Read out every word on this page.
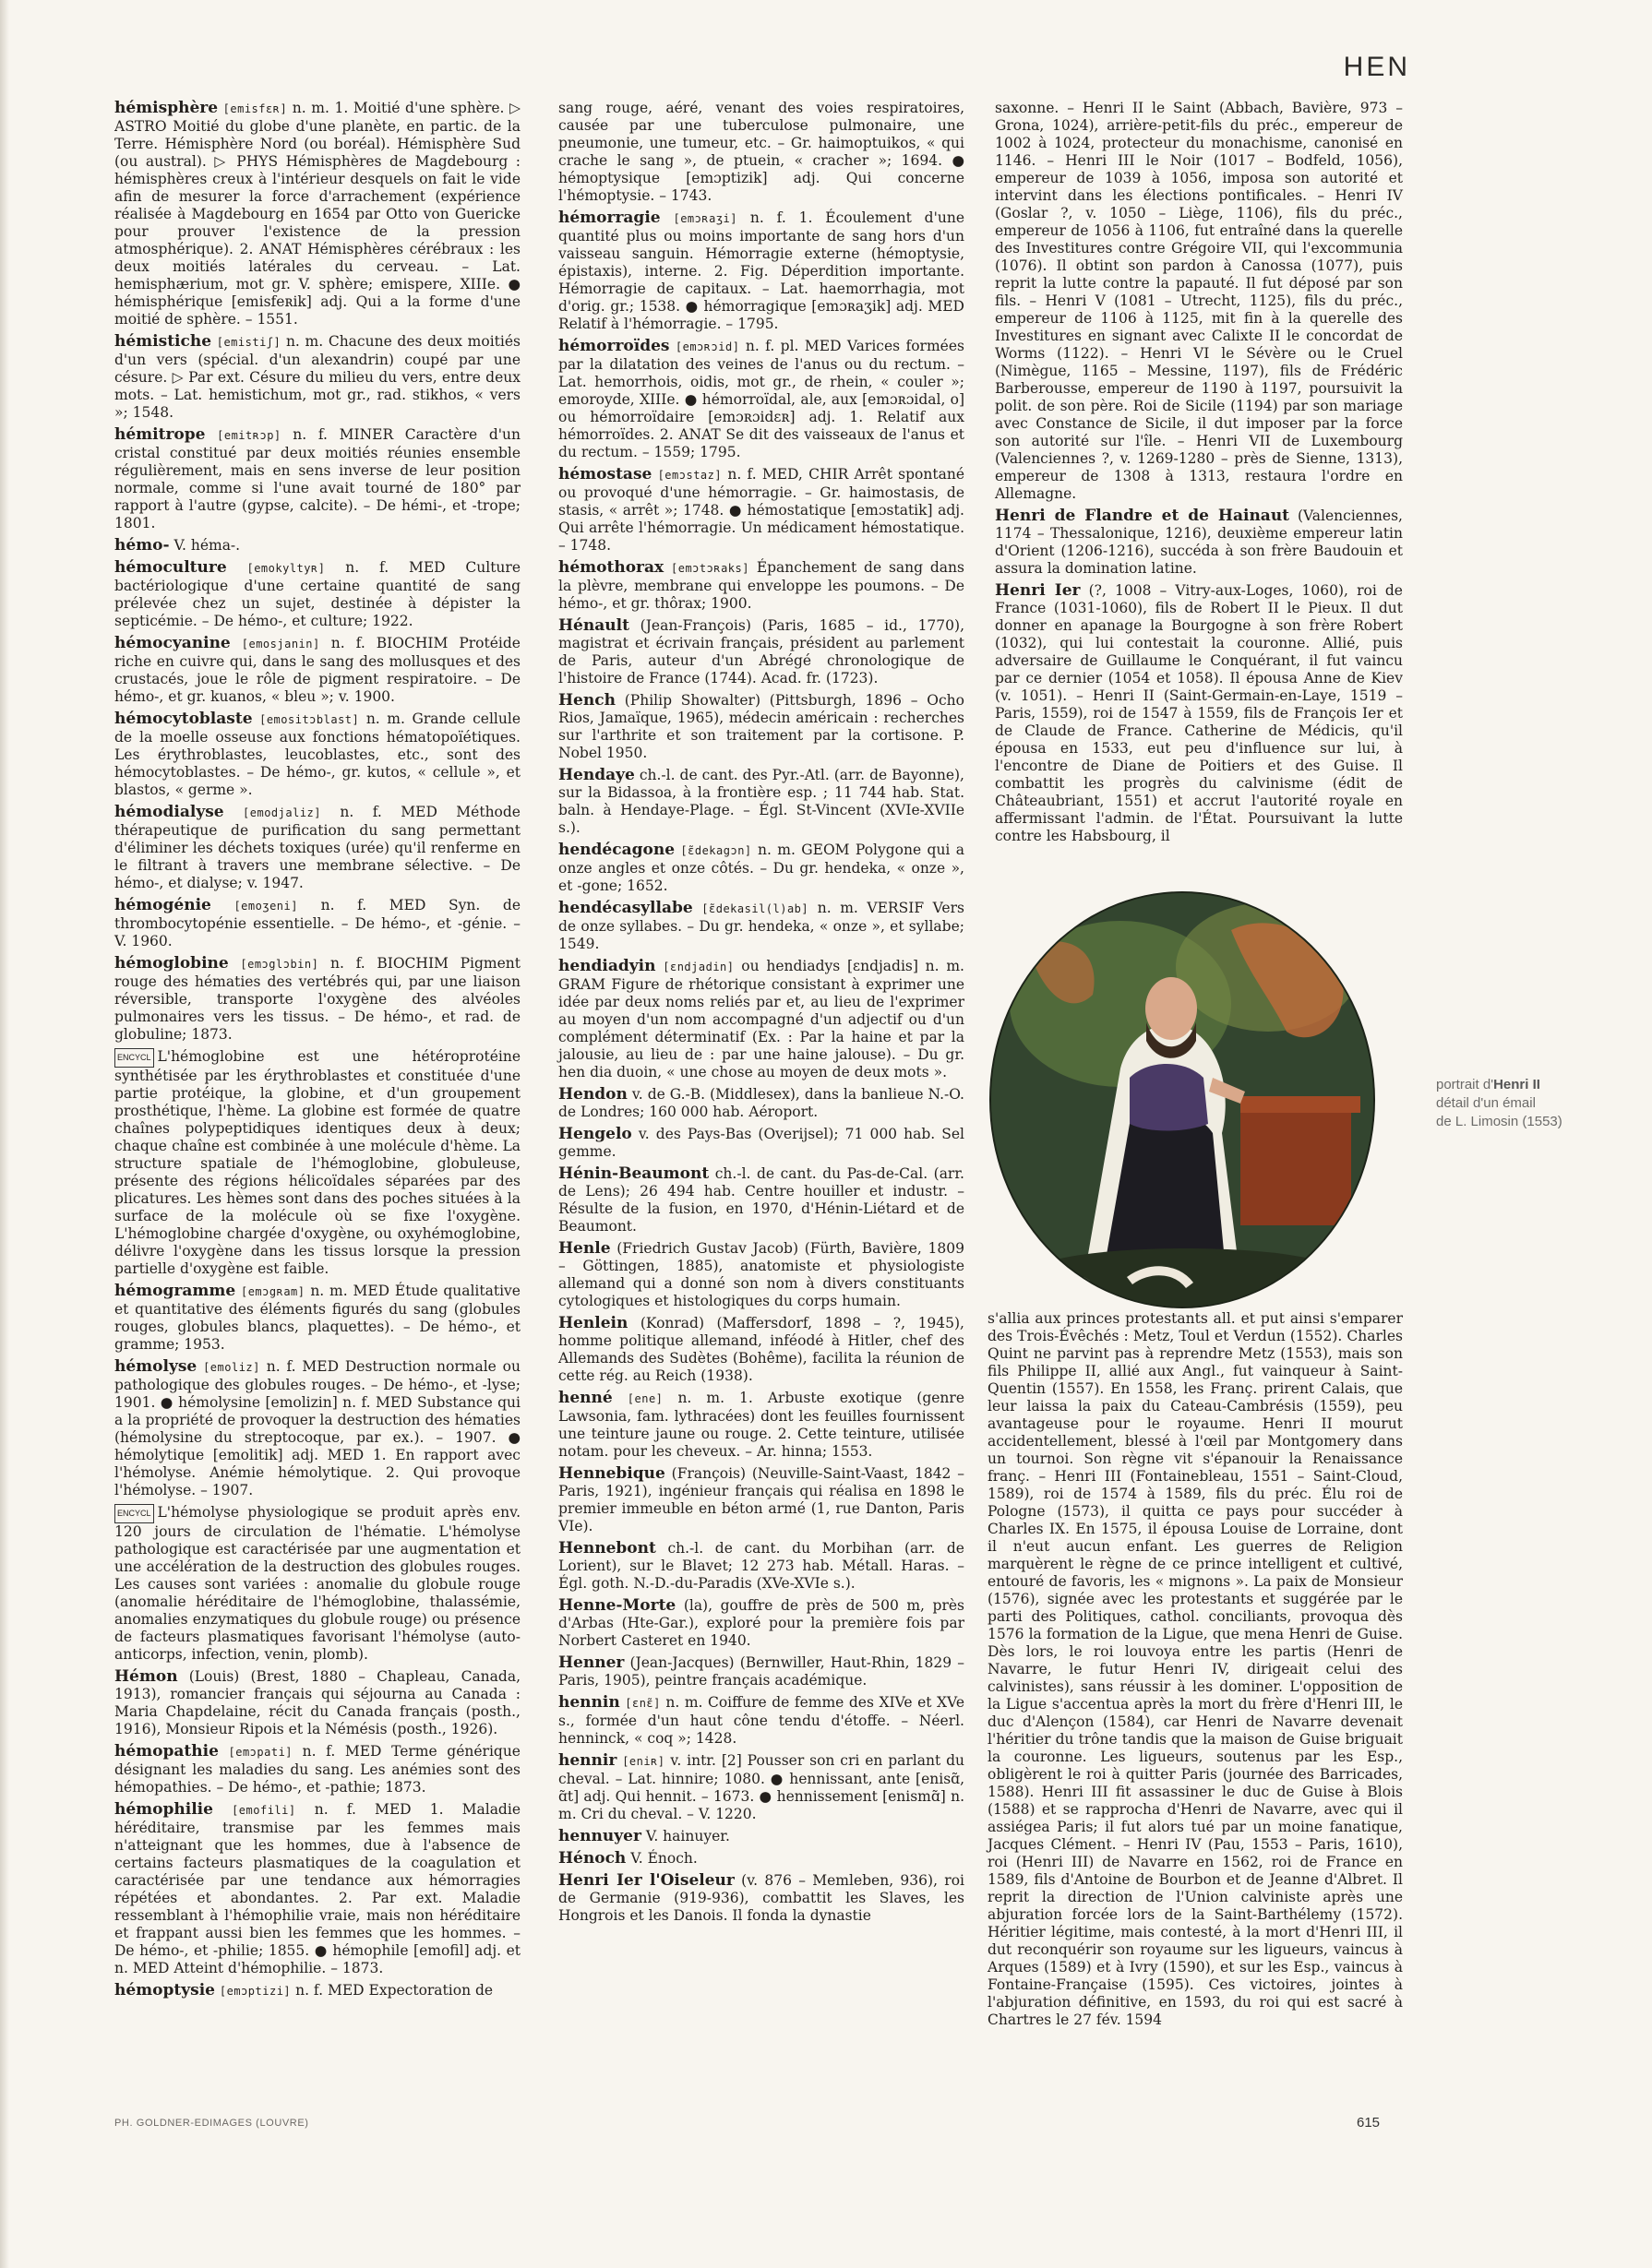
HEN
hémisphère [emisfɛʀ] n. m. 1. Moitié d'une sphère. ▷ ASTRO Moitié du globe d'une planète, en partic. de la Terre. Hémisphère Nord (ou boréal). Hémisphère Sud (ou austral). ▷ PHYS Hémisphères de Magdebourg : hémisphères creux à l'intérieur desquels on fait le vide afin de mesurer la force d'arrachement (expérience réalisée à Magdebourg en 1654 par Otto von Guericke pour prouver l'existence de la pression atmosphérique). 2. ANAT Hémisphères cérébraux : les deux moitiés latérales du cerveau. – Lat. hemisphærium, mot gr. V. sphère; emispere, XIIIe. ● hémisphérique [emisfeʀik] adj. Qui a la forme d'une moitié de sphère. – 1551.
hémistiche [emistiʃ] n. m. Chacune des deux moitiés d'un vers (spécial. d'un alexandrin) coupé par une césure. ▷ Par ext. Césure du milieu du vers, entre deux mots. – Lat. hemistichum, mot gr., rad. stikhos, « vers »; 1548.
hémitrope [emitʀɔp] n. f. MINER Caractère d'un cristal constitué par deux moitiés réunies ensemble régulièrement, mais en sens inverse de leur position normale, comme si l'une avait tourné de 180° par rapport à l'autre (gypse, calcite). – De hémi-, et -trope; 1801.
hémo- V. héma-.
hémoculture [emokyltyʀ] n. f. MED Culture bactériologique d'une certaine quantité de sang prélevée chez un sujet, destinée à dépister la septicémie. – De hémo-, et culture; 1922.
hémocyanine [emosjanin] n. f. BIOCHIM Protéide riche en cuivre qui, dans le sang des mollusques et des crustacés, joue le rôle de pigment respiratoire. – De hémo-, et gr. kuanos, « bleu »; v. 1900.
hémocytoblaste [emositɔblast] n. m. Grande cellule de la moelle osseuse aux fonctions hématopoïétiques. Les érythroblastes, leucoblastes, etc., sont des hémocytoblastes. – De hémo-, gr. kutos, « cellule », et blastos, « germe ».
hémodialyse [emodjaliz] n. f. MED Méthode thérapeutique de purification du sang permettant d'éliminer les déchets toxiques (urée) qu'il renferme en le filtrant à travers une membrane sélective. – De hémo-, et dialyse; v. 1947.
hémogénie [emoʒeni] n. f. MED Syn. de thrombocytopénie essentielle. – De hémo-, et -génie. – V. 1960.
hémoglobine [emɔglɔbin] n. f. BIOCHIM Pigment rouge des hématies des vertébrés qui, par une liaison réversible, transporte l'oxygène des alvéoles pulmonaires vers les tissus. – De hémo-, et rad. de globuline; 1873.
ENCYCL L'hémoglobine est une hétéroprotéine synthétisée par les érythroblastes et constituée d'une partie protéique, la globine, et d'un groupement prosthétique, l'hème. La globine est formée de quatre chaînes polypeptidiques identiques deux à deux; chaque chaîne est combinée à une molécule d'hème. La structure spatiale de l'hémoglobine, globuleuse, présente des régions hélicoïdales séparées par des plicatures. Les hèmes sont dans des poches situées à la surface de la molécule où se fixe l'oxygène. L'hémoglobine chargée d'oxygène, ou oxyhémoglobine, délivre l'oxygène dans les tissus lorsque la pression partielle d'oxygène est faible.
hémogramme [emɔgʀam] n. m. MED Étude qualitative et quantitative des éléments figurés du sang (globules rouges, globules blancs, plaquettes). – De hémo-, et gramme; 1953.
hémolyse [emoliz] n. f. MED Destruction normale ou pathologique des globules rouges. – De hémo-, et -lyse; 1901. ● hémolysine [emolizin] n. f. MED Substance qui a la propriété de provoquer la destruction des hématies (hémolysine du streptocoque, par ex.). – 1907. ● hémolytique [emolitik] adj. MED 1. En rapport avec l'hémolyse. Anémie hémolytique. 2. Qui provoque l'hémolyse. – 1907.
ENCYCL L'hémolyse physiologique se produit après env. 120 jours de circulation de l'hématie. L'hémolyse pathologique est caractérisée par une augmentation et une accélération de la destruction des globules rouges. Les causes sont variées : anomalie du globule rouge (anomalie héréditaire de l'hémoglobine, thalassémie, anomalies enzymatiques du globule rouge) ou présence de facteurs plasmatiques favorisant l'hémolyse (auto-anticorps, infection, venin, plomb).
Hémon (Louis) (Brest, 1880 – Chapleau, Canada, 1913), romancier français qui séjourna au Canada : Maria Chapdelaine, récit du Canada français (posth., 1916), Monsieur Ripois et la Némésis (posth., 1926).
hémopathie [emɔpati] n. f. MED Terme générique désignant les maladies du sang. Les anémies sont des hémopathies. – De hémo-, et -pathie; 1873.
hémophilie [emofili] n. f. MED 1. Maladie héréditaire, transmise par les femmes mais n'atteignant que les hommes, due à l'absence de certains facteurs plasmatiques de la coagulation et caractérisée par une tendance aux hémorragies répétées et abondantes. 2. Par ext. Maladie ressemblant à l'hémophilie vraie, mais non héréditaire et frappant aussi bien les femmes que les hommes. – De hémo-, et -philie; 1855. ● hémophile [emofil] adj. et n. MED Atteint d'hémophilie. – 1873.
hémoptysie [emɔptizi] n. f. MED Expectoration de
sang rouge, aéré, venant des voies respiratoires, causée par une tuberculose pulmonaire, une pneumonie, une tumeur, etc. – Gr. haimoptuikos, « qui crache le sang », de ptuein, « cracher »; 1694. ● hémoptysique [emɔptizik] adj. Qui concerne l'hémoptysie. – 1743.
hémorragie [emɔʀaʒi] n. f. 1. Écoulement d'une quantité plus ou moins importante de sang hors d'un vaisseau sanguin. Hémorragie externe (hémoptysie, épistaxis), interne. 2. Fig. Déperdition importante. Hémorragie de capitaux. – Lat. haemorrhagia, mot d'orig. gr.; 1538. ● hémorragique [emɔʀaʒik] adj. MED Relatif à l'hémorragie. – 1795.
hémorroïdes [emɔʀɔid] n. f. pl. MED Varices formées par la dilatation des veines de l'anus ou du rectum. – Lat. hemorrhois, oidis, mot gr., de rhein, « couler »; emoroyde, XIIIe. ● hémorroïdal, ale, aux [emɔʀɔidal, o] ou hémorroïdaire [emɔʀɔidɛʀ] adj. 1. Relatif aux hémorroïdes. 2. ANAT Se dit des vaisseaux de l'anus et du rectum. – 1559; 1795.
hémostase [emɔstaz] n. f. MED, CHIR Arrêt spontané ou provoqué d'une hémorragie. – Gr. haimostasis, de stasis, « arrêt »; 1748. ● hémostatique [emɔstatik] adj. Qui arrête l'hémorragie. Un médicament hémostatique. – 1748.
hémothorax [emɔtɔʀaks] Épanchement de sang dans la plèvre, membrane qui enveloppe les poumons. – De hémo-, et gr. thôrax; 1900.
Hénault (Jean-François) (Paris, 1685 – id., 1770), magistrat et écrivain français, président au parlement de Paris, auteur d'un Abrégé chronologique de l'histoire de France (1744). Acad. fr. (1723).
Hench (Philip Showalter) (Pittsburgh, 1896 – Ocho Rios, Jamaïque, 1965), médecin américain : recherches sur l'arthrite et son traitement par la cortisone. P. Nobel 1950.
Hendaye ch.-l. de cant. des Pyr.-Atl. (arr. de Bayonne), sur la Bidassoa, à la frontière esp. ; 11 744 hab. Stat. baln. à Hendaye-Plage. – Égl. St-Vincent (XVIe-XVIIe s.).
hendécagone [ɛ̃dekagɔn] n. m. GEOM Polygone qui a onze angles et onze côtés. – Du gr. hendeka, « onze », et -gone; 1652.
hendécasyllabe [ɛ̃dekasil(l)ab] n. m. VERSIF Vers de onze syllabes. – Du gr. hendeka, « onze », et syllabe; 1549.
hendiadyin [ɛndjadin] ou hendiadys [ɛndjadis] n. m. GRAM Figure de rhétorique consistant à exprimer une idée par deux noms reliés par et, au lieu de l'exprimer au moyen d'un nom accompagné d'un adjectif ou d'un complément déterminatif (Ex. : Par la haine et par la jalousie, au lieu de : par une haine jalouse). – Du gr. hen dia duoin, « une chose au moyen de deux mots ».
Hendon v. de G.-B. (Middlesex), dans la banlieue N.-O. de Londres; 160 000 hab. Aéroport.
Hengelo v. des Pays-Bas (Overijsel); 71 000 hab. Sel gemme.
Hénin-Beaumont ch.-l. de cant. du Pas-de-Cal. (arr. de Lens); 26 494 hab. Centre houiller et industr. – Résulte de la fusion, en 1970, d'Hénin-Liétard et de Beaumont.
Henle (Friedrich Gustav Jacob) (Fürth, Bavière, 1809 – Göttingen, 1885), anatomiste et physiologiste allemand qui a donné son nom à divers constituants cytologiques et histologiques du corps humain.
Henlein (Konrad) (Maffersdorf, 1898 – ?, 1945), homme politique allemand, inféodé à Hitler, chef des Allemands des Sudètes (Bohême), facilita la réunion de cette rég. au Reich (1938).
henné [ene] n. m. 1. Arbuste exotique (genre Lawsonia, fam. lythracées) dont les feuilles fournissent une teinture jaune ou rouge. 2. Cette teinture, utilisée notam. pour les cheveux. – Ar. hinna; 1553.
Hennebique (François) (Neuville-Saint-Vaast, 1842 – Paris, 1921), ingénieur français qui réalisa en 1898 le premier immeuble en béton armé (1, rue Danton, Paris VIe).
Hennebont ch.-l. de cant. du Morbihan (arr. de Lorient), sur le Blavet; 12 273 hab. Métall. Haras. – Égl. goth. N.-D.-du-Paradis (XVe-XVIe s.).
Henne-Morte (la), gouffre de près de 500 m, près d'Arbas (Hte-Gar.), exploré pour la première fois par Norbert Casteret en 1940.
Henner (Jean-Jacques) (Bernwiller, Haut-Rhin, 1829 – Paris, 1905), peintre français académique.
hennin [ɛnɛ̃] n. m. Coiffure de femme des XIVe et XVe s., formée d'un haut cône tendu d'étoffe. – Néerl. henninck, « coq »; 1428.
hennir [eniʀ] v. intr. [2] Pousser son cri en parlant du cheval. – Lat. hinnire; 1080. ● hennissant, ante [enisɑ̃, ɑ̃t] adj. Qui hennit. – 1673. ● hennissement [enismɑ̃] n. m. Cri du cheval. – V. 1220.
hennuyer V. hainuyer.
Hénoch V. Énoch.
Henri Ier l'Oiseleur (v. 876 – Memleben, 936), roi de Germanie (919-936), combattit les Slaves, les Hongrois et les Danois. Il fonda la dynastie
saxonne. – Henri II le Saint (Abbach, Bavière, 973 – Grona, 1024), arrière-petit-fils du préc., empereur de 1002 à 1024, protecteur du monachisme, canonisé en 1146. – Henri III le Noir (1017 – Bodfeld, 1056), empereur de 1039 à 1056, imposa son autorité et intervint dans les élections pontificales. – Henri IV (Goslar ?, v. 1050 – Liège, 1106), fils du préc., empereur de 1056 à 1106, fut entraîné dans la querelle des Investitures contre Grégoire VII, qui l'excommunia (1076). Il obtint son pardon à Canossa (1077), puis reprit la lutte contre la papauté. Il fut déposé par son fils. – Henri V (1081 – Utrecht, 1125), fils du préc., empereur de 1106 à 1125, mit fin à la querelle des Investitures en signant avec Calixte II le concordat de Worms (1122). – Henri VI le Sévère ou le Cruel (Nimègue, 1165 – Messine, 1197), fils de Frédéric Barberousse, empereur de 1190 à 1197, poursuivit la polit. de son père. Roi de Sicile (1194) par son mariage avec Constance de Sicile, il dut imposer par la force son autorité sur l'île. – Henri VII de Luxembourg (Valenciennes ?, v. 1269-1280 – près de Sienne, 1313), empereur de 1308 à 1313, restaura l'ordre en Allemagne.
Henri de Flandre et de Hainaut (Valenciennes, 1174 – Thessalonique, 1216), deuxième empereur latin d'Orient (1206-1216), succéda à son frère Baudouin et assura la domination latine.
Henri Ier (?, 1008 – Vitry-aux-Loges, 1060), roi de France (1031-1060), fils de Robert II le Pieux. Il dut donner en apanage la Bourgogne à son frère Robert (1032), qui lui contestait la couronne. Allié, puis adversaire de Guillaume le Conquérant, il fut vaincu par ce dernier (1054 et 1058). Il épousa Anne de Kiev (v. 1051). – Henri II (Saint-Germain-en-Laye, 1519 – Paris, 1559), roi de 1547 à 1559, fils de François Ier et de Claude de France. Catherine de Médicis, qu'il épousa en 1533, eut peu d'influence sur lui, à l'encontre de Diane de Poitiers et des Guise. Il combattit les progrès du calvinisme (édit de Châteaubriant, 1551) et accrut l'autorité royale en affermissant l'admin. de l'État. Poursuivant la lutte contre les Habsbourg, il
portrait d'Henri II
détail d'un émail
de L. Limosin (1553)
s'allia aux princes protestants all. et put ainsi s'emparer des Trois-Évêchés : Metz, Toul et Verdun (1552). Charles Quint ne parvint pas à reprendre Metz (1553), mais son fils Philippe II, allié aux Angl., fut vainqueur à Saint-Quentin (1557). En 1558, les Franç. prirent Calais, que leur laissa la paix du Cateau-Cambrésis (1559), peu avantageuse pour le royaume. Henri II mourut accidentellement, blessé à l'œil par Montgomery dans un tournoi. Son règne vit s'épanouir la Renaissance franç. – Henri III (Fontainebleau, 1551 – Saint-Cloud, 1589), roi de 1574 à 1589, fils du préc. Élu roi de Pologne (1573), il quitta ce pays pour succéder à Charles IX. En 1575, il épousa Louise de Lorraine, dont il n'eut aucun enfant. Les guerres de Religion marquèrent le règne de ce prince intelligent et cultivé, entouré de favoris, les « mignons ». La paix de Monsieur (1576), signée avec les protestants et suggérée par le parti des Politiques, cathol. conciliants, provoqua dès 1576 la formation de la Ligue, que mena Henri de Guise. Dès lors, le roi louvoya entre les partis (Henri de Navarre, le futur Henri IV, dirigeait celui des calvinistes), sans réussir à les dominer. L'opposition de la Ligue s'accentua après la mort du frère d'Henri III, le duc d'Alençon (1584), car Henri de Navarre devenait l'héritier du trône tandis que la maison de Guise briguait la couronne. Les ligueurs, soutenus par les Esp., obligèrent le roi à quitter Paris (journée des Barricades, 1588). Henri III fit assassiner le duc de Guise à Blois (1588) et se rapprocha d'Henri de Navarre, avec qui il assiégea Paris; il fut alors tué par un moine fanatique, Jacques Clément. – Henri IV (Pau, 1553 – Paris, 1610), roi (Henri III) de Navarre en 1562, roi de France en 1589, fils d'Antoine de Bourbon et de Jeanne d'Albret. Il reprit la direction de l'Union calviniste après une abjuration forcée lors de la Saint-Barthélemy (1572). Héritier légitime, mais contesté, à la mort d'Henri III, il dut reconquérir son royaume sur les ligueurs, vaincus à Arques (1589) et à Ivry (1590), et sur les Esp., vaincus à Fontaine-Française (1595). Ces victoires, jointes à l'abjuration définitive, en 1593, du roi qui est sacré à Chartres le 27 fév. 1594
PH. GOLDNER-EDIMAGES (LOUVRE)	615
